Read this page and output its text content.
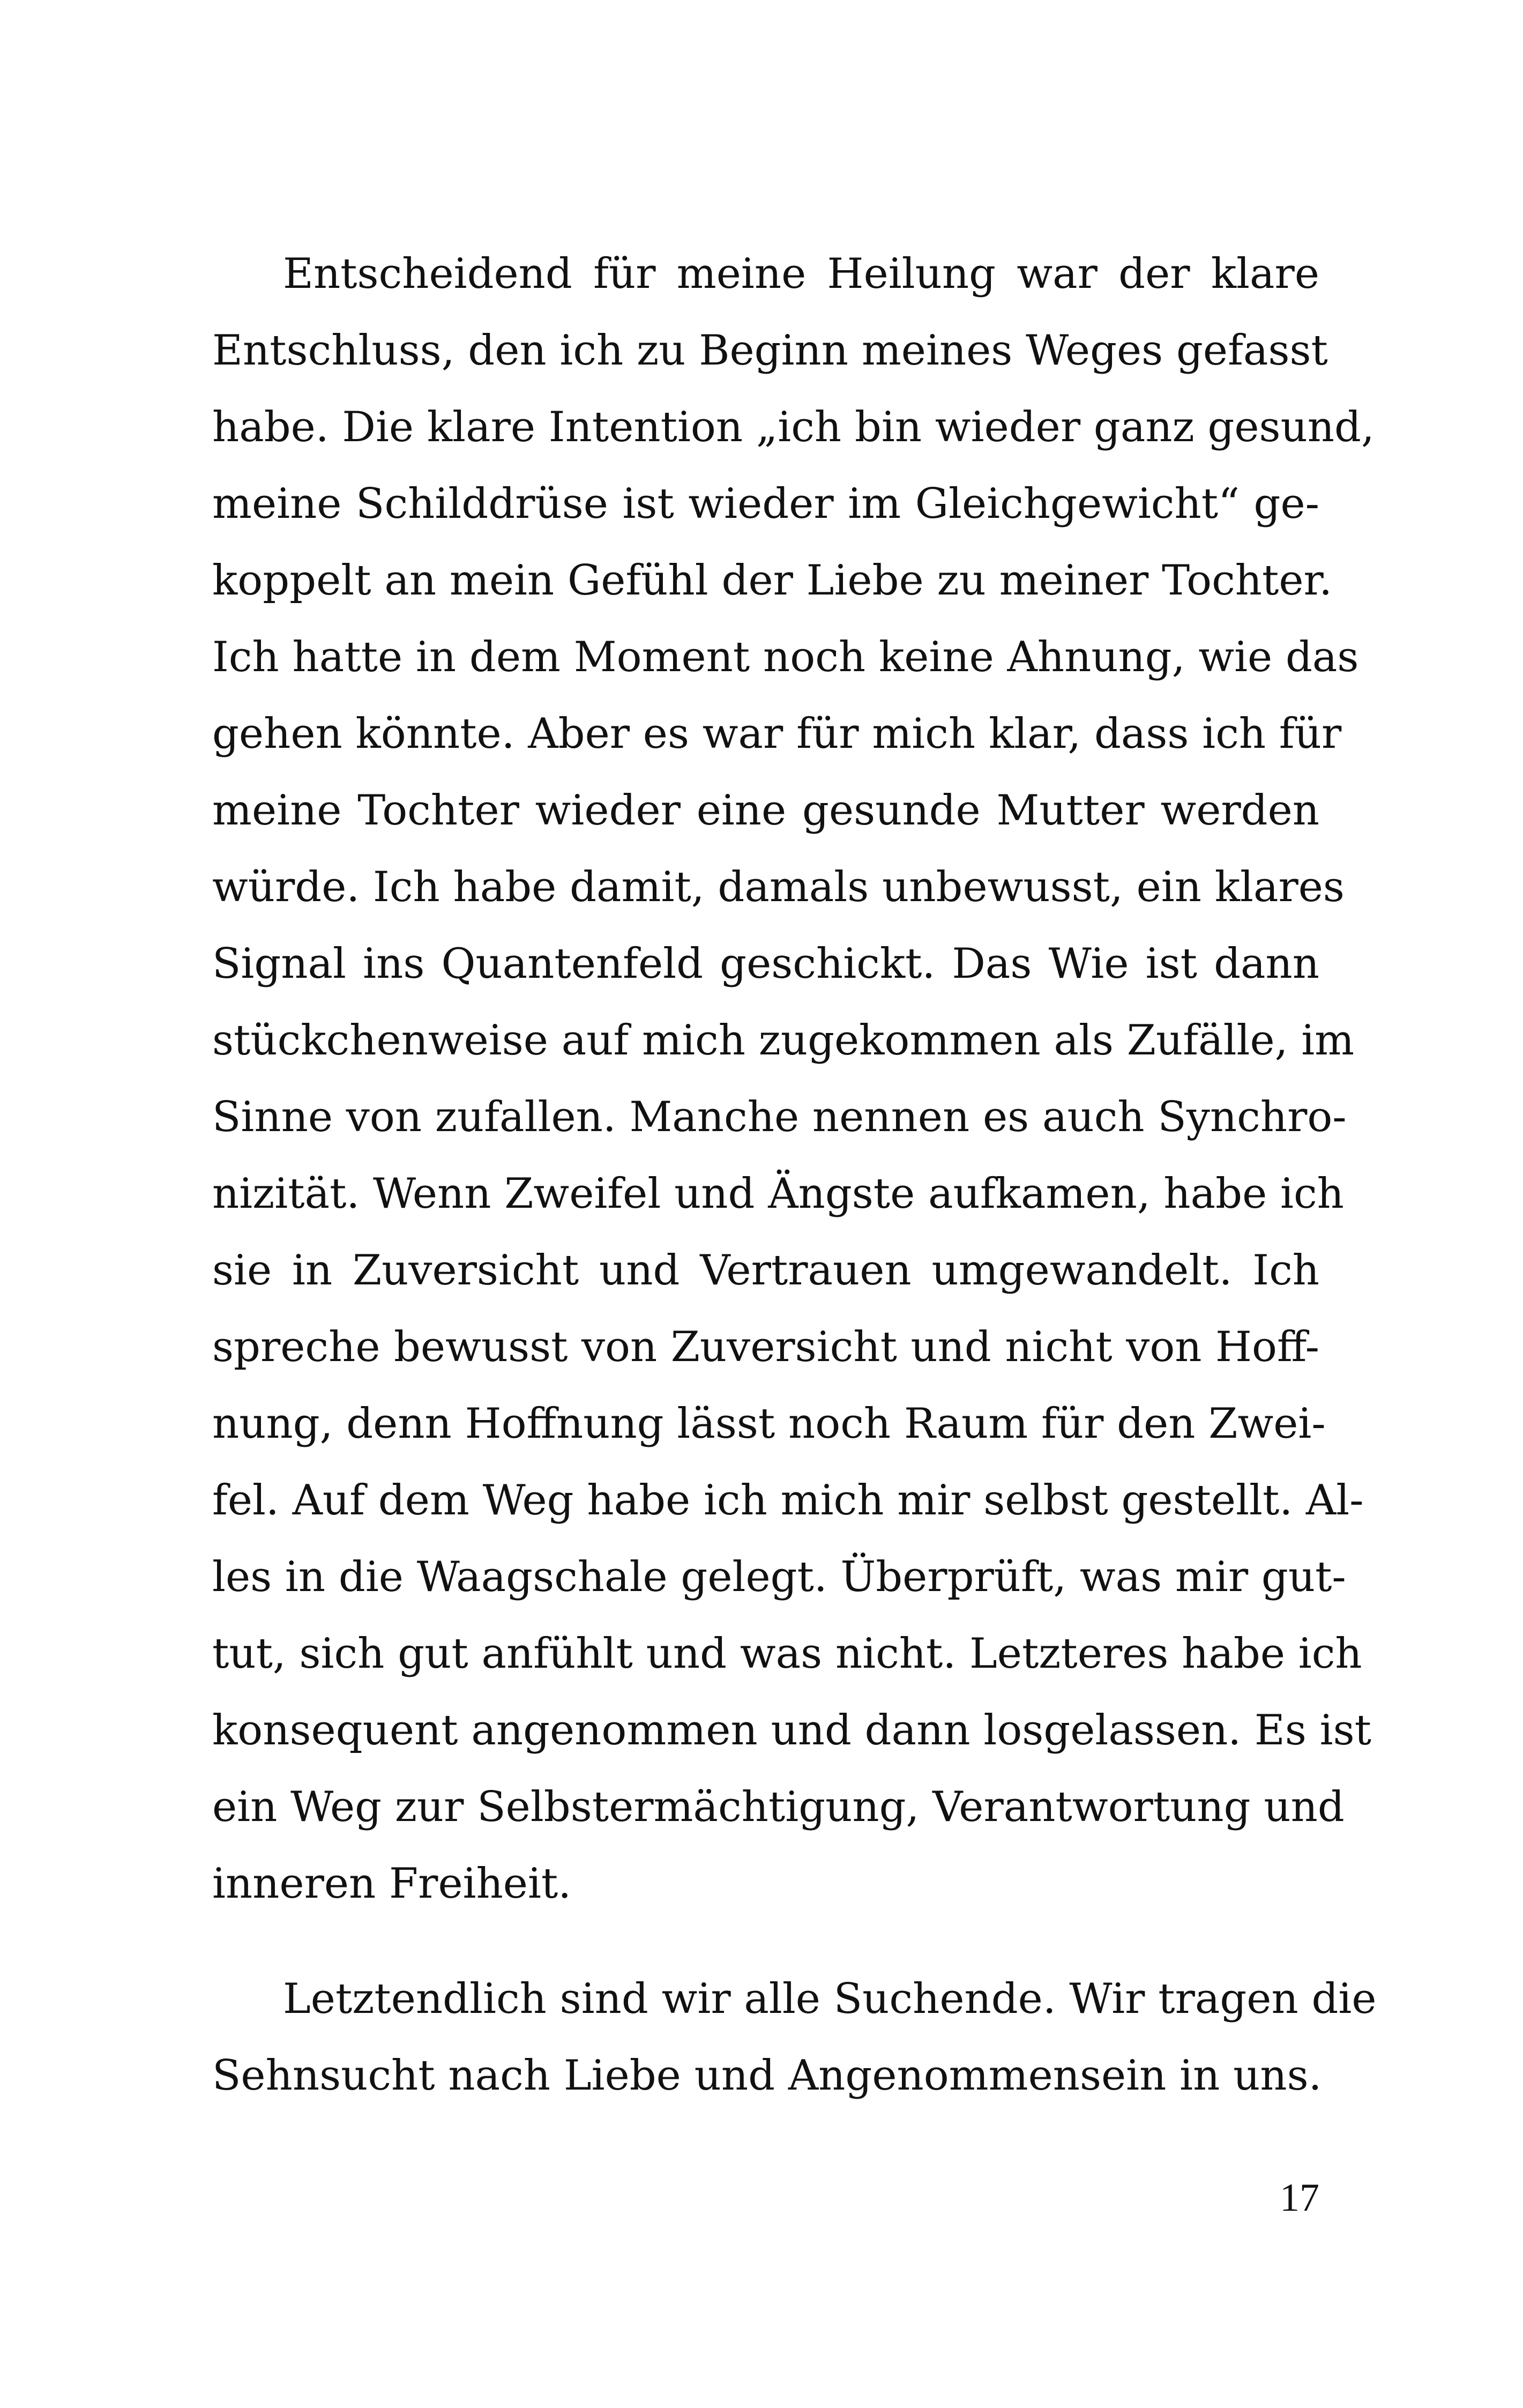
Entscheidend für meine Heilung war der klare
Entschluss, den ich zu Beginn meines Weges gefasst
habe. Die klare Intention „ich bin wieder ganz gesund,
meine Schilddrüse ist wieder im Gleichgewicht“ ge-
koppelt an mein Gefühl der Liebe zu meiner Tochter.
Ich hatte in dem Moment noch keine Ahnung, wie das
gehen könnte. Aber es war für mich klar, dass ich für
meine Tochter wieder eine gesunde Mutter werden
würde. Ich habe damit, damals unbewusst, ein klares
Signal ins Quantenfeld geschickt. Das Wie ist dann
stückchenweise auf mich zugekommen als Zufälle, im
Sinne von zufallen. Manche nennen es auch Synchro-
nizität. Wenn Zweifel und Ängste aufkamen, habe ich
sie in Zuversicht und Vertrauen umgewandelt. Ich
spreche bewusst von Zuversicht und nicht von Hoff-
nung, denn Hoffnung lässt noch Raum für den Zwei-
fel. Auf dem Weg habe ich mich mir selbst gestellt. Al-
les in die Waagschale gelegt. Überprüft, was mir gut-
tut, sich gut anfühlt und was nicht. Letzteres habe ich
konsequent angenommen und dann losgelassen. Es ist
ein Weg zur Selbstermächtigung, Verantwortung und
inneren Freiheit.
Letztendlich sind wir alle Suchende. Wir tragen die
Sehnsucht nach Liebe und Angenommensein in uns.
17
